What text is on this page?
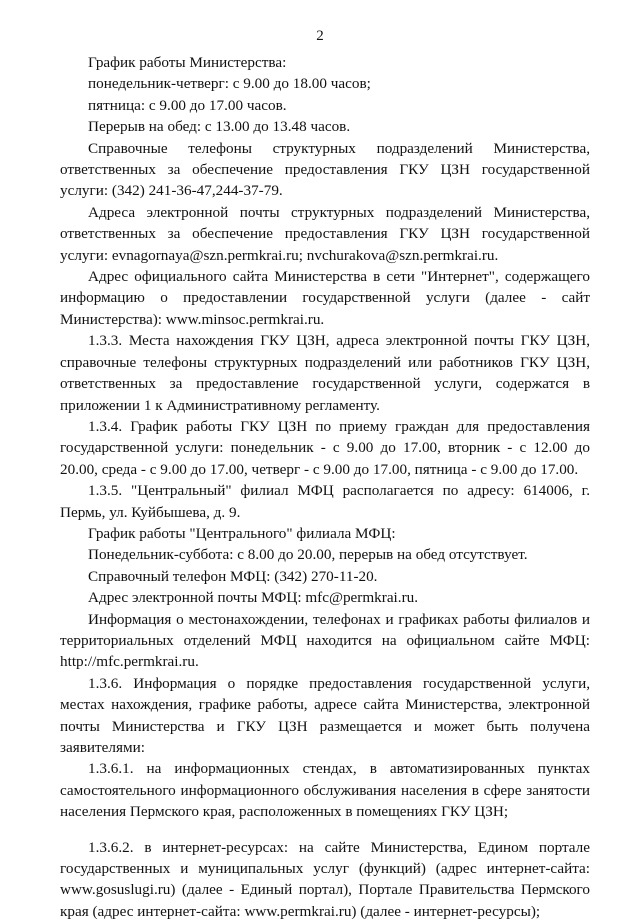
2

График работы Министерства:

понедельник-четверг: с 9.00 до 18.00 часов;

пятница: с 9.00 до 17.00 часов.

Перерыв на обед: с 13.00 до 13.48 часов.

Справочные телефоны структурных подразделений Министерства, ответственных за обеспечение предоставления ГКУ ЦЗН государственной услуги: (342) 241-36-47,244-37-79.

Адреса электронной почты структурных подразделений Министерства, ответственных за обеспечение предоставления ГКУ ЦЗН государственной услуги: evnagornaya@szn.permkrai.ru; nvchurakova@szn.permkrai.ru.

Адрес официального сайта Министерства в сети "Интернет", содержащего информацию о предоставлении государственной услуги (далее - сайт Министерства): www.minsoc.permkrai.ru.

1.3.3. Места нахождения ГКУ ЦЗН, адреса электронной почты ГКУ ЦЗН, справочные телефоны структурных подразделений или работников ГКУ ЦЗН, ответственных за предоставление государственной услуги, содержатся в приложении 1 к Административному регламенту.

1.3.4. График работы ГКУ ЦЗН по приему граждан для предоставления государственной услуги: понедельник - с 9.00 до 17.00, вторник - с 12.00 до 20.00, среда - с 9.00 до 17.00, четверг - с 9.00 до 17.00, пятница - с 9.00 до 17.00.

1.3.5. "Центральный" филиал МФЦ располагается по адресу: 614006, г. Пермь, ул. Куйбышева, д. 9.

График работы "Центрального" филиала МФЦ:

Понедельник-суббота: с 8.00 до 20.00, перерыв на обед отсутствует.

Справочный телефон МФЦ: (342) 270-11-20.

Адрес электронной почты МФЦ: mfc@permkrai.ru.

Информация о местонахождении, телефонах и графиках работы филиалов и территориальных отделений МФЦ находится на официальном сайте МФЦ: http://mfc.permkrai.ru.

1.3.6. Информация о порядке предоставления государственной услуги, местах нахождения, графике работы, адресе сайта Министерства, электронной почты Министерства и ГКУ ЦЗН размещается и может быть получена заявителями:

1.3.6.1. на информационных стендах, в автоматизированных пунктах самостоятельного информационного обслуживания населения в сфере занятости населения Пермского края, расположенных в помещениях ГКУ ЦЗН;

1.3.6.2. в интернет-ресурсах: на сайте Министерства, Едином портале государственных и муниципальных услуг (функций) (адрес интернет-сайта: www.gosuslugi.ru) (далее - Единый портал), Портале Правительства Пермского края (адрес интернет-сайта: www.permkrai.ru) (далее - интернет-ресурсы);
